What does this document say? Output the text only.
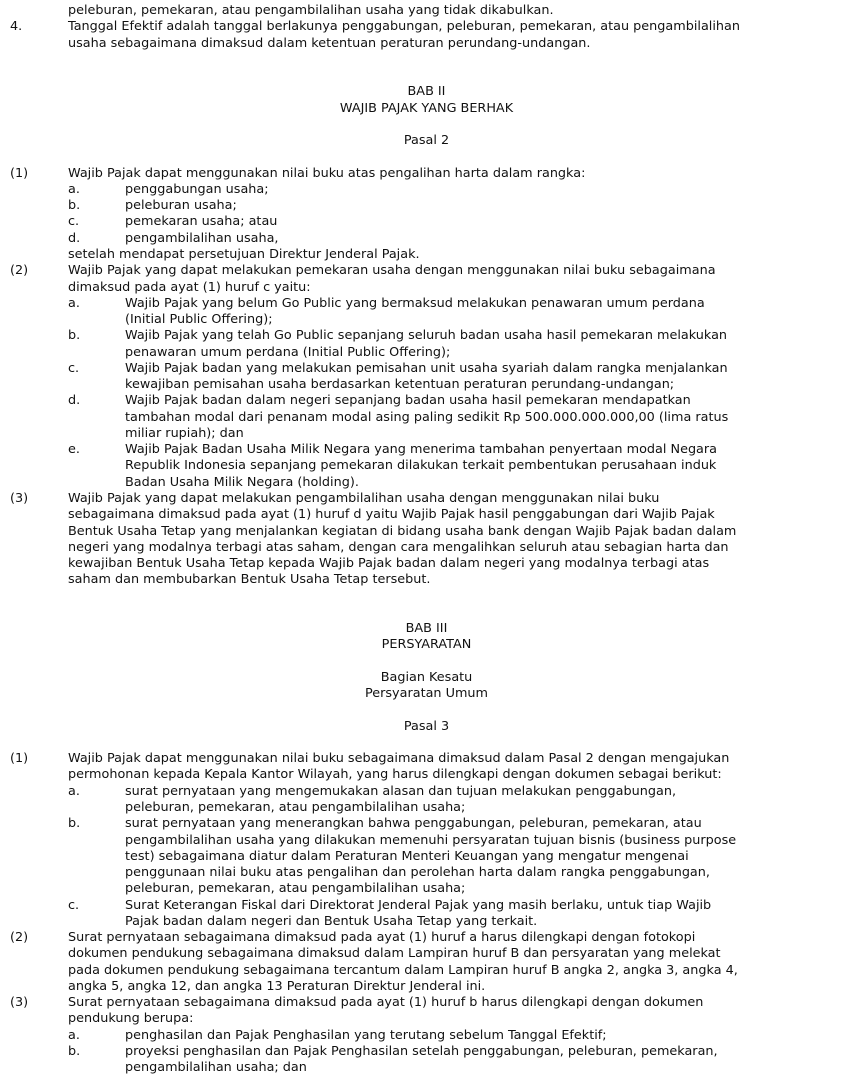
peleburan, pemekaran, atau pengambilalihan usaha yang tidak dikabulkan.
4.	Tanggal Efektif adalah tanggal berlakunya penggabungan, peleburan, pemekaran, atau pengambilalihan
usaha sebagaimana dimaksud dalam ketentuan peraturan perundang-undangan.
BAB II
WAJIB PAJAK YANG BERHAK
Pasal 2
(1)	Wajib Pajak dapat menggunakan nilai buku atas pengalihan harta dalam rangka:
a.	penggabungan usaha;
b.	peleburan usaha;
c.	pemekaran usaha; atau
d.	pengambilalihan usaha,
setelah mendapat persetujuan Direktur Jenderal Pajak.
(2)	Wajib Pajak yang dapat melakukan pemekaran usaha dengan menggunakan nilai buku sebagaimana
dimaksud pada ayat (1) huruf c yaitu:
a.	Wajib Pajak yang belum Go Public yang bermaksud melakukan penawaran umum perdana
(Initial Public Offering);
b.	Wajib Pajak yang telah Go Public sepanjang seluruh badan usaha hasil pemekaran melakukan
penawaran umum perdana (Initial Public Offering);
c.	Wajib Pajak badan yang melakukan pemisahan unit usaha syariah dalam rangka menjalankan
kewajiban pemisahan usaha berdasarkan ketentuan peraturan perundang-undangan;
d.	Wajib Pajak badan dalam negeri sepanjang badan usaha hasil pemekaran mendapatkan
tambahan modal dari penanam modal asing paling sedikit Rp 500.000.000.000,00 (lima ratus
miliar rupiah); dan
e.	Wajib Pajak Badan Usaha Milik Negara yang menerima tambahan penyertaan modal Negara
Republik Indonesia sepanjang pemekaran dilakukan terkait pembentukan perusahaan induk
Badan Usaha Milik Negara (holding).
(3)	Wajib Pajak yang dapat melakukan pengambilalihan usaha dengan menggunakan nilai buku
sebagaimana dimaksud pada ayat (1) huruf d yaitu Wajib Pajak hasil penggabungan dari Wajib Pajak
Bentuk Usaha Tetap yang menjalankan kegiatan di bidang usaha bank dengan Wajib Pajak badan dalam
negeri yang modalnya terbagi atas saham, dengan cara mengalihkan seluruh atau sebagian harta dan
kewajiban Bentuk Usaha Tetap kepada Wajib Pajak badan dalam negeri yang modalnya terbagi atas
saham dan membubarkan Bentuk Usaha Tetap tersebut.
BAB III
PERSYARATAN
Bagian Kesatu
Persyaratan Umum
Pasal 3
(1)	Wajib Pajak dapat menggunakan nilai buku sebagaimana dimaksud dalam Pasal 2 dengan mengajukan
permohonan kepada Kepala Kantor Wilayah, yang harus dilengkapi dengan dokumen sebagai berikut:
a.	surat pernyataan yang mengemukakan alasan dan tujuan melakukan penggabungan,
peleburan, pemekaran, atau pengambilalihan usaha;
b.	surat pernyataan yang menerangkan bahwa penggabungan, peleburan, pemekaran, atau
pengambilalihan usaha yang dilakukan memenuhi persyaratan tujuan bisnis (business purpose
test) sebagaimana diatur dalam Peraturan Menteri Keuangan yang mengatur mengenai
penggunaan nilai buku atas pengalihan dan perolehan harta dalam rangka penggabungan,
peleburan, pemekaran, atau pengambilalihan usaha;
c.	Surat Keterangan Fiskal dari Direktorat Jenderal Pajak yang masih berlaku, untuk tiap Wajib
Pajak badan dalam negeri dan Bentuk Usaha Tetap yang terkait.
(2)	Surat pernyataan sebagaimana dimaksud pada ayat (1) huruf a harus dilengkapi dengan fotokopi
dokumen pendukung sebagaimana dimaksud dalam Lampiran huruf B dan persyaratan yang melekat
pada dokumen pendukung sebagaimana tercantum dalam Lampiran huruf B angka 2, angka 3, angka 4,
angka 5, angka 12, dan angka 13 Peraturan Direktur Jenderal ini.
(3)	Surat pernyataan sebagaimana dimaksud pada ayat (1) huruf b harus dilengkapi dengan dokumen
pendukung berupa:
a.	penghasilan dan Pajak Penghasilan yang terutang sebelum Tanggal Efektif;
b.	proyeksi penghasilan dan Pajak Penghasilan setelah penggabungan, peleburan, pemekaran,
pengambilalihan usaha; dan
